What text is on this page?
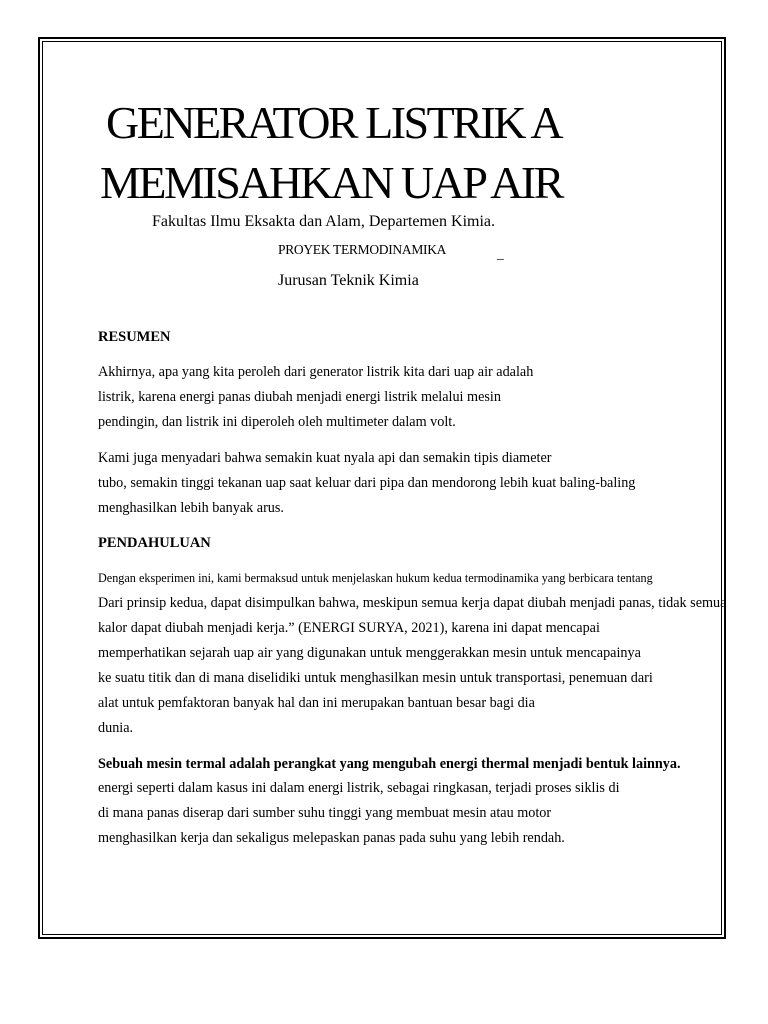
GENERATOR LISTRIK A
MEMISAHKAN UAP AIR
Fakultas Ilmu Eksakta dan Alam, Departemen Kimia.
PROYEK TERMODINAMIKA	_
Jurusan Teknik Kimia
RESUMEN
Akhirnya, apa yang kita peroleh dari generator listrik kita dari uap air adalah
listrik, karena energi panas diubah menjadi energi listrik melalui mesin
pendingin, dan listrik ini diperoleh oleh multimeter dalam volt.
Kami juga menyadari bahwa semakin kuat nyala api dan semakin tipis diameter
tubo, semakin tinggi tekanan uap saat keluar dari pipa dan mendorong lebih kuat baling-baling
menghasilkan lebih banyak arus.
PENDAHULUAN
Dengan eksperimen ini, kami bermaksud untuk menjelaskan hukum kedua termodinamika yang berbicara tentang
Dari prinsip kedua, dapat disimpulkan bahwa, meskipun semua kerja dapat diubah menjadi panas, tidak semua
kalor dapat diubah menjadi kerja.” (ENERGI SURYA, 2021), karena ini dapat mencapai
memperhatikan sejarah uap air yang digunakan untuk menggerakkan mesin untuk mencapainya
ke suatu titik dan di mana diselidiki untuk menghasilkan mesin untuk transportasi, penemuan dari
alat untuk pemfaktoran banyak hal dan ini merupakan bantuan besar bagi dia
dunia.
Sebuah mesin termal adalah perangkat yang mengubah energi thermal menjadi bentuk lainnya.
energi seperti dalam kasus ini dalam energi listrik, sebagai ringkasan, terjadi proses siklis di
di mana panas diserap dari sumber suhu tinggi yang membuat mesin atau motor
menghasilkan kerja dan sekaligus melepaskan panas pada suhu yang lebih rendah.
